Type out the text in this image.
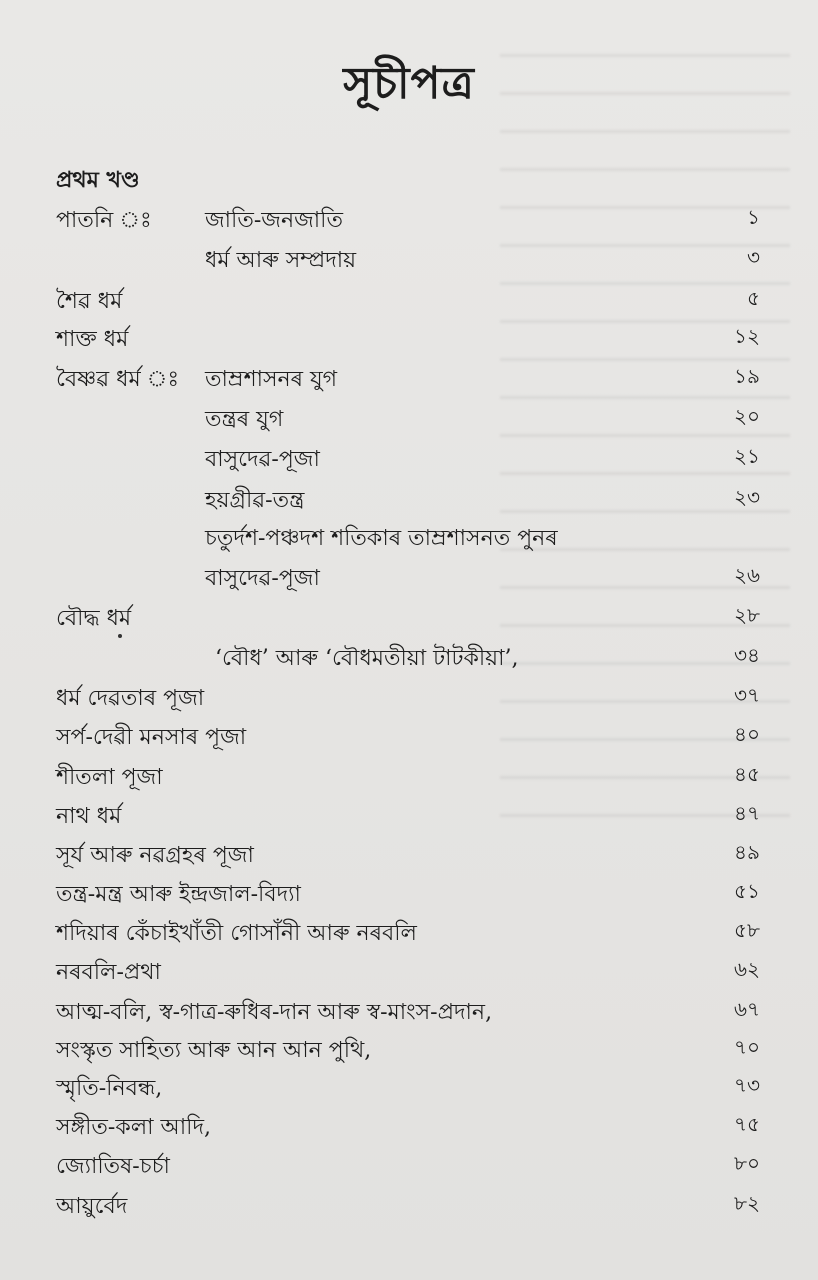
সূচীপত্ৰ
প্ৰথম খণ্ড
পাতনি ঃ জাতি-জনজাতি	১
ধৰ্ম আৰু সম্প্ৰদায়	৩
শৈৱ ধৰ্ম	৫
শাক্ত ধৰ্ম	১২
বৈষ্ণৱ ধৰ্ম ঃ তাম্ৰশাসনৰ যুগ	১৯
তন্ত্ৰৰ যুগ	২০
বাসুদেৱ-পূজা	২১
হয়গ্ৰীৱ-তন্ত্ৰ	২৩
চতুৰ্দশ-পঞ্চদশ শতিকাৰ তাম্ৰশাসনত পুনৰ
বাসুদেৱ-পূজা	২৬
বৌদ্ধ ধৰ্ম	২৮
‘বৌধ’ আৰু ‘বৌধমতীয়া টাটকীয়া’,	৩৪
ধৰ্ম দেৱতাৰ পূজা	৩৭
সৰ্প-দেৱী মনসাৰ পূজা	৪০
শীতলা পূজা	৪৫
নাথ ধৰ্ম	৪৭
সূৰ্য আৰু নৱগ্ৰহৰ পূজা	৪৯
তন্ত্ৰ-মন্ত্ৰ আৰু ইন্দ্ৰজাল-বিদ্যা	৫১
শদিয়াৰ কেঁচাইখাঁতী গোসাঁনী আৰু নৰবলি	৫৮
নৰবলি-প্ৰথা	৬২
আত্ম-বলি, স্ব-গাত্ৰ-ৰুধিৰ-দান আৰু স্ব-মাংস-প্ৰদান,	৬৭
সংস্কৃত সাহিত্য আৰু আন আন পুথি,	৭০
স্মৃতি-নিবন্ধ,	৭৩
সঙ্গীত-কলা আদি,	৭৫
জ্যোতিষ-চৰ্চা	৮০
আয়ুৰ্বেদ	৮২
